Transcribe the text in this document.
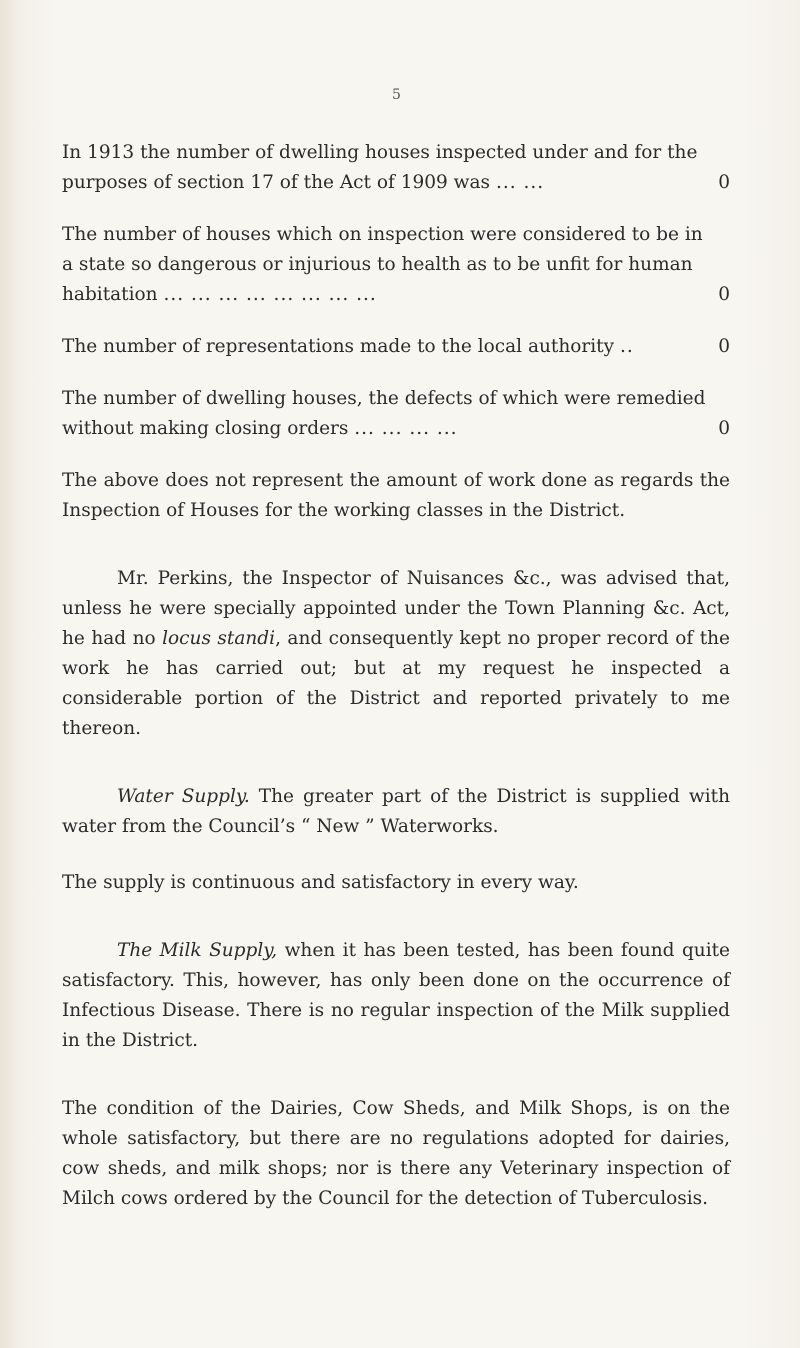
5
In 1913 the number of dwelling houses inspected under and for the purposes of section 17 of the Act of 1909 was ... ...	0
The number of houses which on inspection were considered to be in a state so dangerous or injurious to health as to be unfit for human habitation ... ... ... ... ... ... ... ...	0
The number of representations made to the local authority ..	0
The number of dwelling houses, the defects of which were remedied without making closing orders ... ... ... ...	0

The above does not represent the amount of work done as regards the Inspection of Houses for the working classes in the District.

Mr. Perkins, the Inspector of Nuisances &c., was advised that, unless he were specially appointed under the Town Planning &c. Act, he had no locus standi, and consequently kept no proper record of the work he has carried out; but at my request he inspected a considerable portion of the District and reported privately to me thereon.

Water Supply. The greater part of the District is supplied with water from the Council’s “ New ” Waterworks.

The supply is continuous and satisfactory in every way.

The Milk Supply, when it has been tested, has been found quite satisfactory. This, however, has only been done on the occurrence of Infectious Disease. There is no regular inspection of the Milk supplied in the District.

The condition of the Dairies, Cow Sheds, and Milk Shops, is on the whole satisfactory, but there are no regulations adopted for dairies, cow sheds, and milk shops; nor is there any Veterinary inspection of Milch cows ordered by the Council for the detection of Tuberculosis.
